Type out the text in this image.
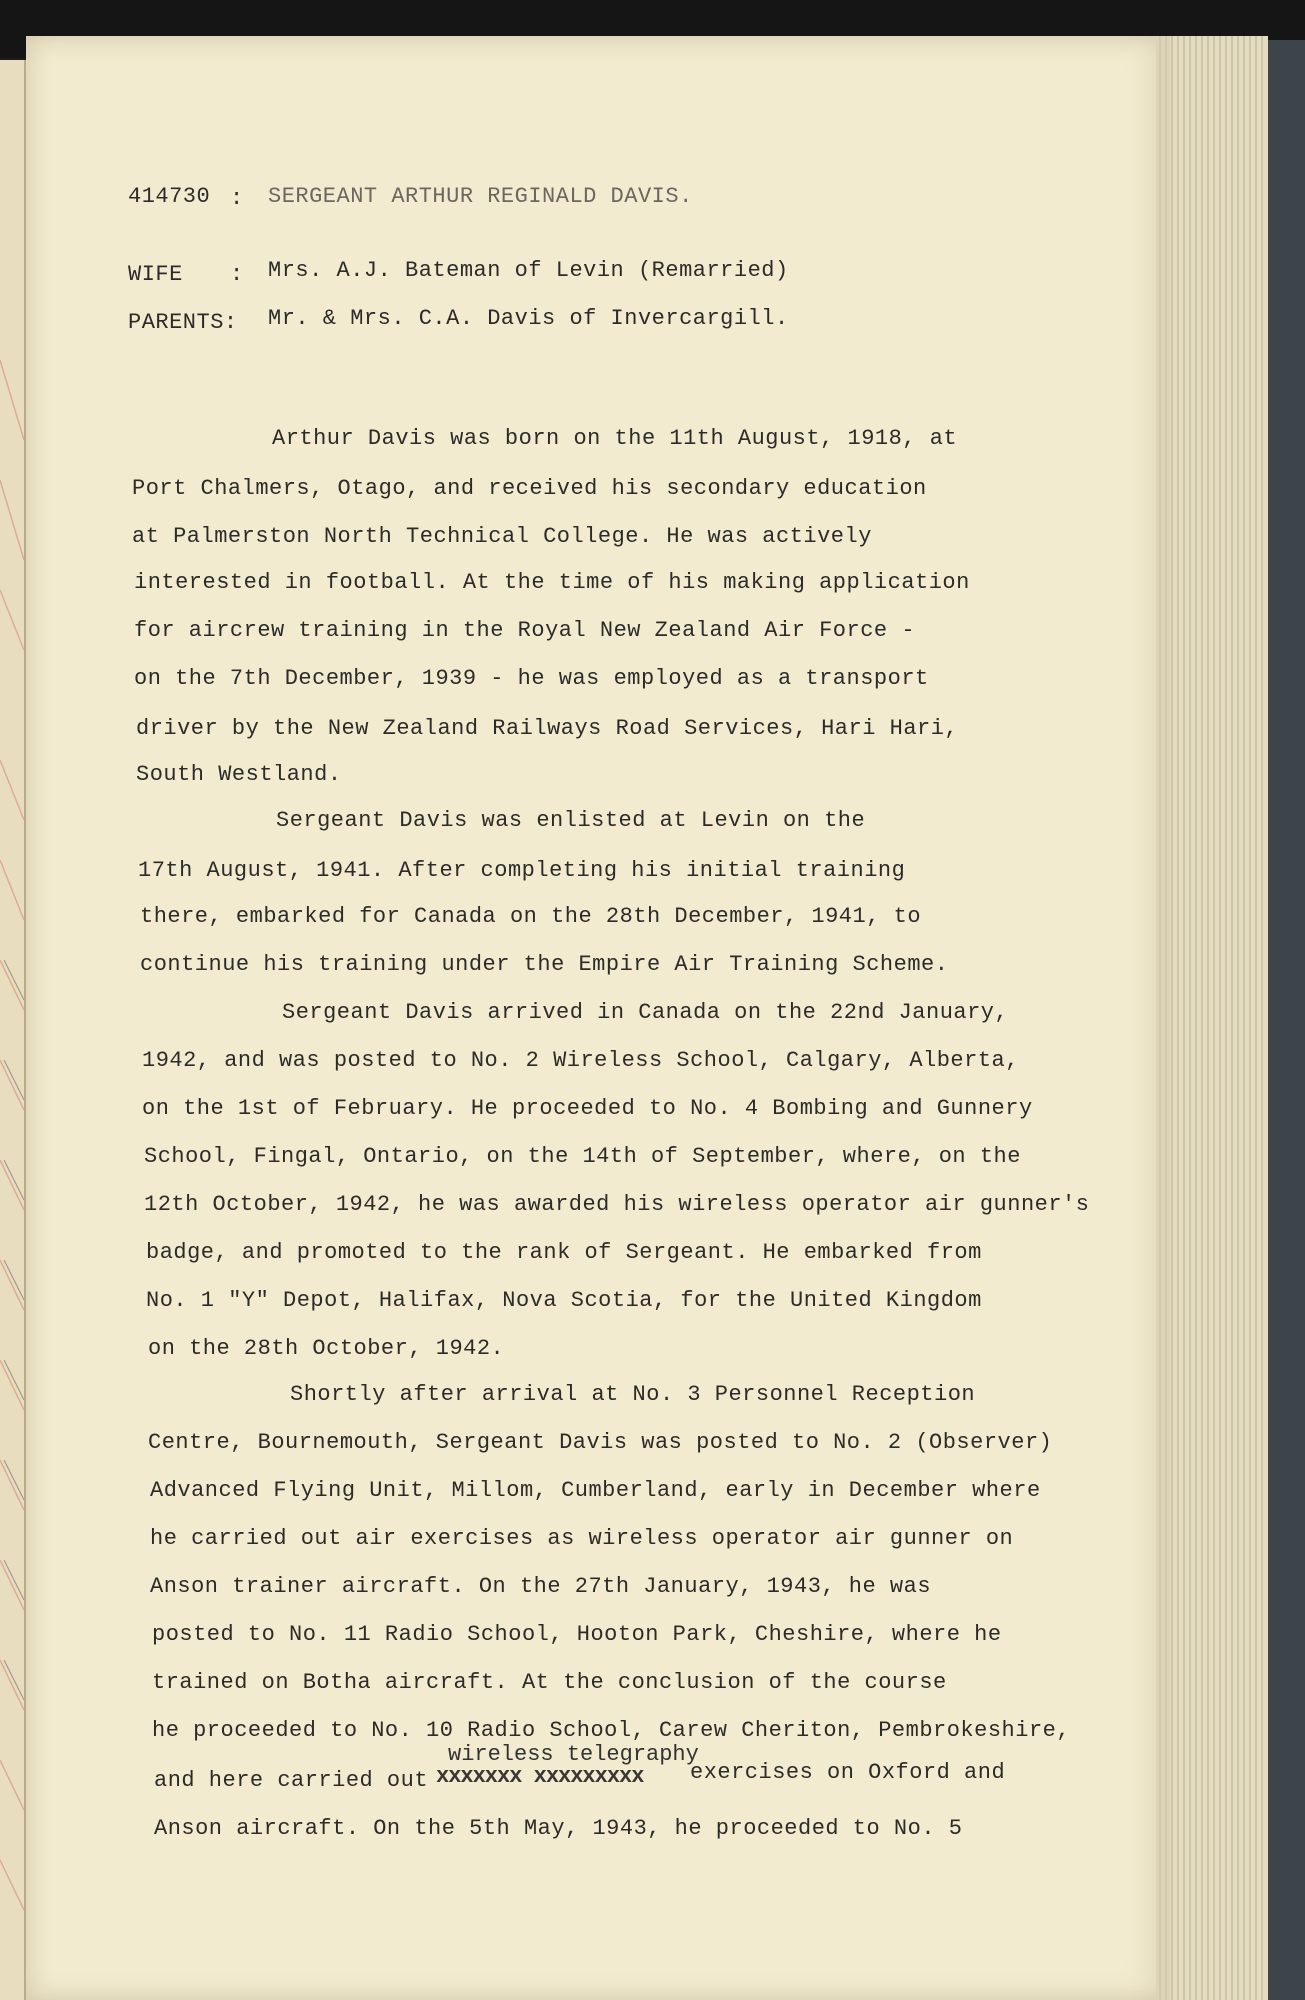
414730 : SERGEANT ARTHUR REGINALD DAVIS.
WIFE : Mrs. A.J. Bateman of Levin (Remarried)
PARENTS: Mr. & Mrs. C.A. Davis of Invercargill.
Arthur Davis was born on the 11th August, 1918, at
Port Chalmers, Otago, and received his secondary education
at Palmerston North Technical College. He was actively
interested in football. At the time of his making application
for aircrew training in the Royal New Zealand Air Force -
on the 7th December, 1939 - he was employed as a transport
driver by the New Zealand Railways Road Services, Hari Hari,
South Westland.
Sergeant Davis was enlisted at Levin on the
17th August, 1941. After completing his initial training
there, embarked for Canada on the 28th December, 1941, to
continue his training under the Empire Air Training Scheme.
Sergeant Davis arrived in Canada on the 22nd January,
1942, and was posted to No. 2 Wireless School, Calgary, Alberta,
on the 1st of February. He proceeded to No. 4 Bombing and Gunnery
School, Fingal, Ontario, on the 14th of September, where, on the
12th October, 1942, he was awarded his wireless operator air gunner's
badge, and promoted to the rank of Sergeant. He embarked from
No. 1 "Y" Depot, Halifax, Nova Scotia, for the United Kingdom
on the 28th October, 1942.
Shortly after arrival at No. 3 Personnel Reception
Centre, Bournemouth, Sergeant Davis was posted to No. 2 (Observer)
Advanced Flying Unit, Millom, Cumberland, early in December where
he carried out air exercises as wireless operator air gunner on
Anson trainer aircraft. On the 27th January, 1943, he was
posted to No. 11 Radio School, Hooton Park, Cheshire, where he
trained on Botha aircraft. At the conclusion of the course
he proceeded to No. 10 Radio School, Carew Cheriton, Pembrokeshire,
and here carried out
wireless telegraphy
xxxxxxx xxxxxxxxx exercises on Oxford and
Anson aircraft. On the 5th May, 1943, he proceeded to No. 5
